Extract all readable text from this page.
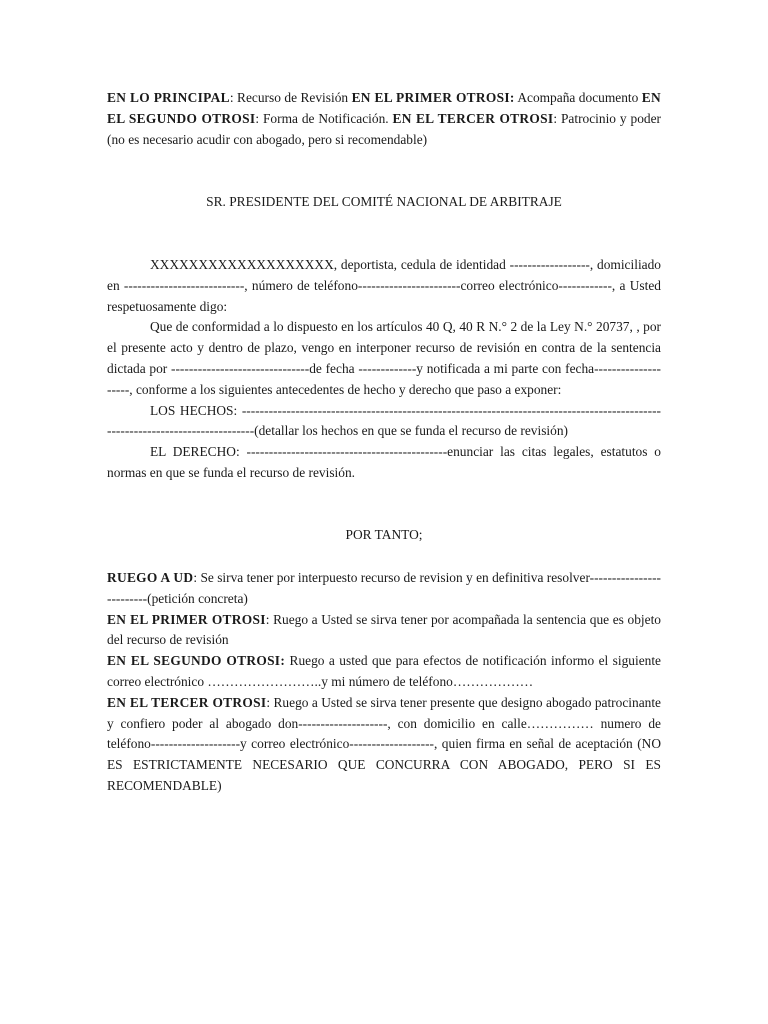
EN LO PRINCIPAL: Recurso de Revisión EN EL PRIMER OTROSI: Acompaña documento EN EL SEGUNDO OTROSI: Forma de Notificación. EN EL TERCER OTROSI: Patrocinio y poder (no es necesario acudir con abogado, pero si recomendable)

SR. PRESIDENTE DEL COMITÉ NACIONAL DE ARBITRAJE

XXXXXXXXXXXXXXXXXXX, deportista, cedula de identidad ------------------, domiciliado en ---------------------------, número de teléfono-----------------------correo electrónico------------, a Usted respetuosamente digo:

Que de conformidad a lo dispuesto en los artículos 40 Q, 40 R N.° 2 de la Ley N.° 20737, , por el presente acto y dentro de plazo, vengo en interponer recurso de revisión en contra de la sentencia dictada por -------------------------------de fecha -------------y notificada a mi parte con fecha--------------------, conforme a los siguientes antecedentes de hecho y derecho que paso a exponer:

LOS HECHOS: -------------------------------------------------------------------------------------------------------------------------------(detallar los hechos en que se funda el recurso de revisión)

EL DERECHO: ---------------------------------------------enunciar las citas legales, estatutos o normas en que se funda el recurso de revisión.

POR TANTO;

RUEGO A UD: Se sirva tener por interpuesto recurso de revision y en definitiva resolver-------------------------(petición concreta)

EN EL PRIMER OTROSI: Ruego a Usted se sirva tener por acompañada la sentencia que es objeto del recurso de revisión

EN EL SEGUNDO OTROSI: Ruego a usted que para efectos de notificación informo el siguiente correo electrónico ……………………..y mi número de teléfono………………

EN EL TERCER OTROSI: Ruego a Usted se sirva tener presente que designo abogado patrocinante y confiero poder al abogado don--------------------, con domicilio en calle…………… numero de teléfono--------------------y correo electrónico-------------------, quien firma en señal de aceptación (NO ES ESTRICTAMENTE NECESARIO QUE CONCURRA CON ABOGADO, PERO SI ES RECOMENDABLE)
